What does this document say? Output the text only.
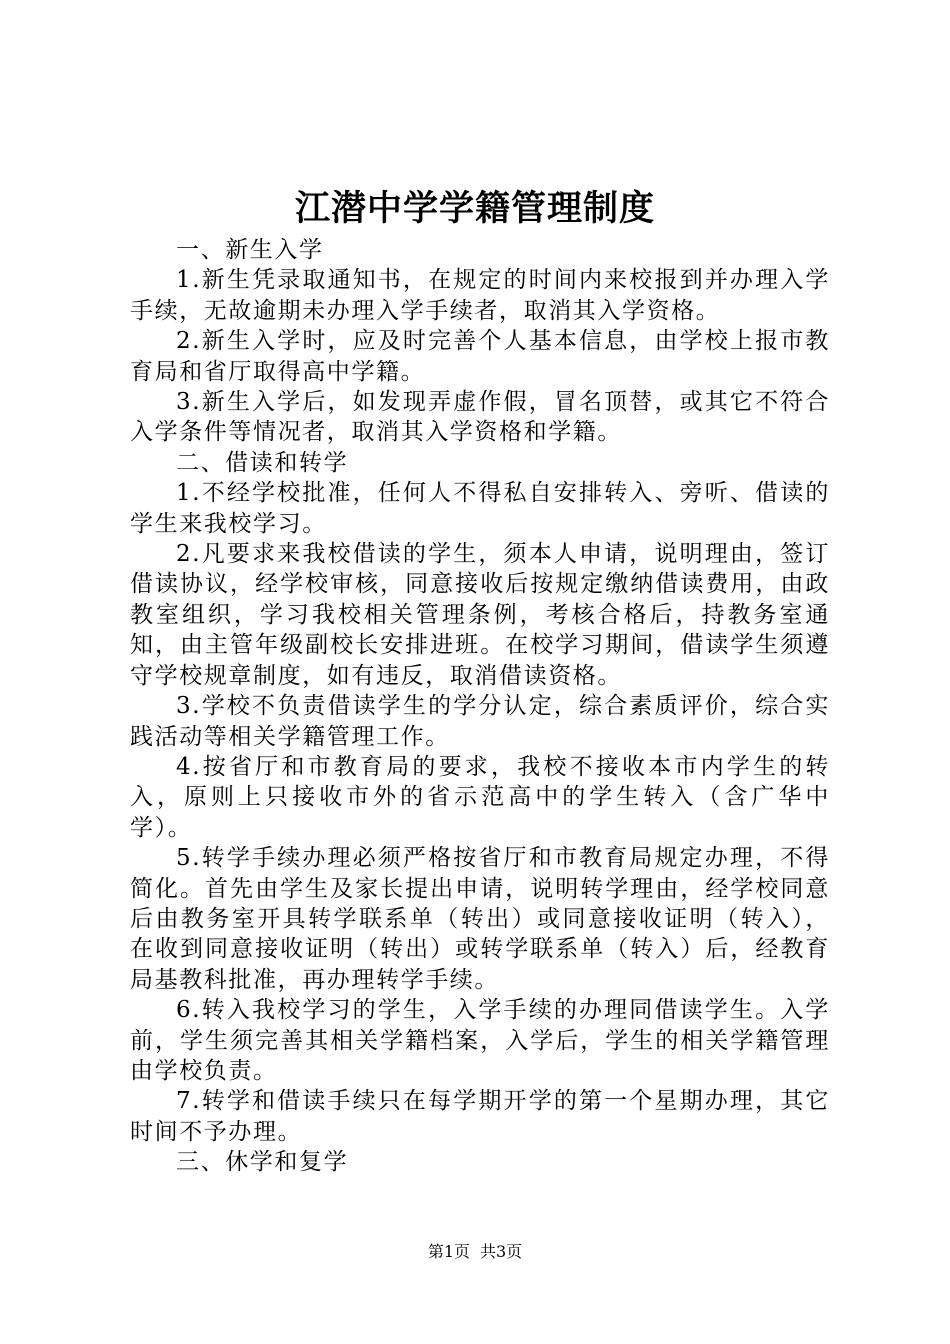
江潜中学学籍管理制度

一、新生入学

1.新生凭录取通知书，在规定的时间内来校报到并办理入学手续，无故逾期未办理入学手续者，取消其入学资格。

2.新生入学时，应及时完善个人基本信息，由学校上报市教育局和省厅取得高中学籍。

3.新生入学后，如发现弄虚作假，冒名顶替，或其它不符合入学条件等情况者，取消其入学资格和学籍。

二、借读和转学

1.不经学校批准，任何人不得私自安排转入、旁听、借读的学生来我校学习。

2.凡要求来我校借读的学生，须本人申请，说明理由，签订借读协议，经学校审核，同意接收后按规定缴纳借读费用，由政教室组织，学习我校相关管理条例，考核合格后，持教务室通知，由主管年级副校长安排进班。在校学习期间，借读学生须遵守学校规章制度，如有违反，取消借读资格。

3.学校不负责借读学生的学分认定，综合素质评价，综合实践活动等相关学籍管理工作。

4.按省厅和市教育局的要求，我校不接收本市内学生的转入，原则上只接收市外的省示范高中的学生转入（含广华中学）。

5.转学手续办理必须严格按省厅和市教育局规定办理，不得简化。首先由学生及家长提出申请，说明转学理由，经学校同意后由教务室开具转学联系单（转出）或同意接收证明（转入），在收到同意接收证明（转出）或转学联系单（转入）后，经教育局基教科批准，再办理转学手续。

6.转入我校学习的学生，入学手续的办理同借读学生。入学前，学生须完善其相关学籍档案，入学后，学生的相关学籍管理由学校负责。

7.转学和借读手续只在每学期开学的第一个星期办理，其它时间不予办理。

三、休学和复学

第1页 共3页
